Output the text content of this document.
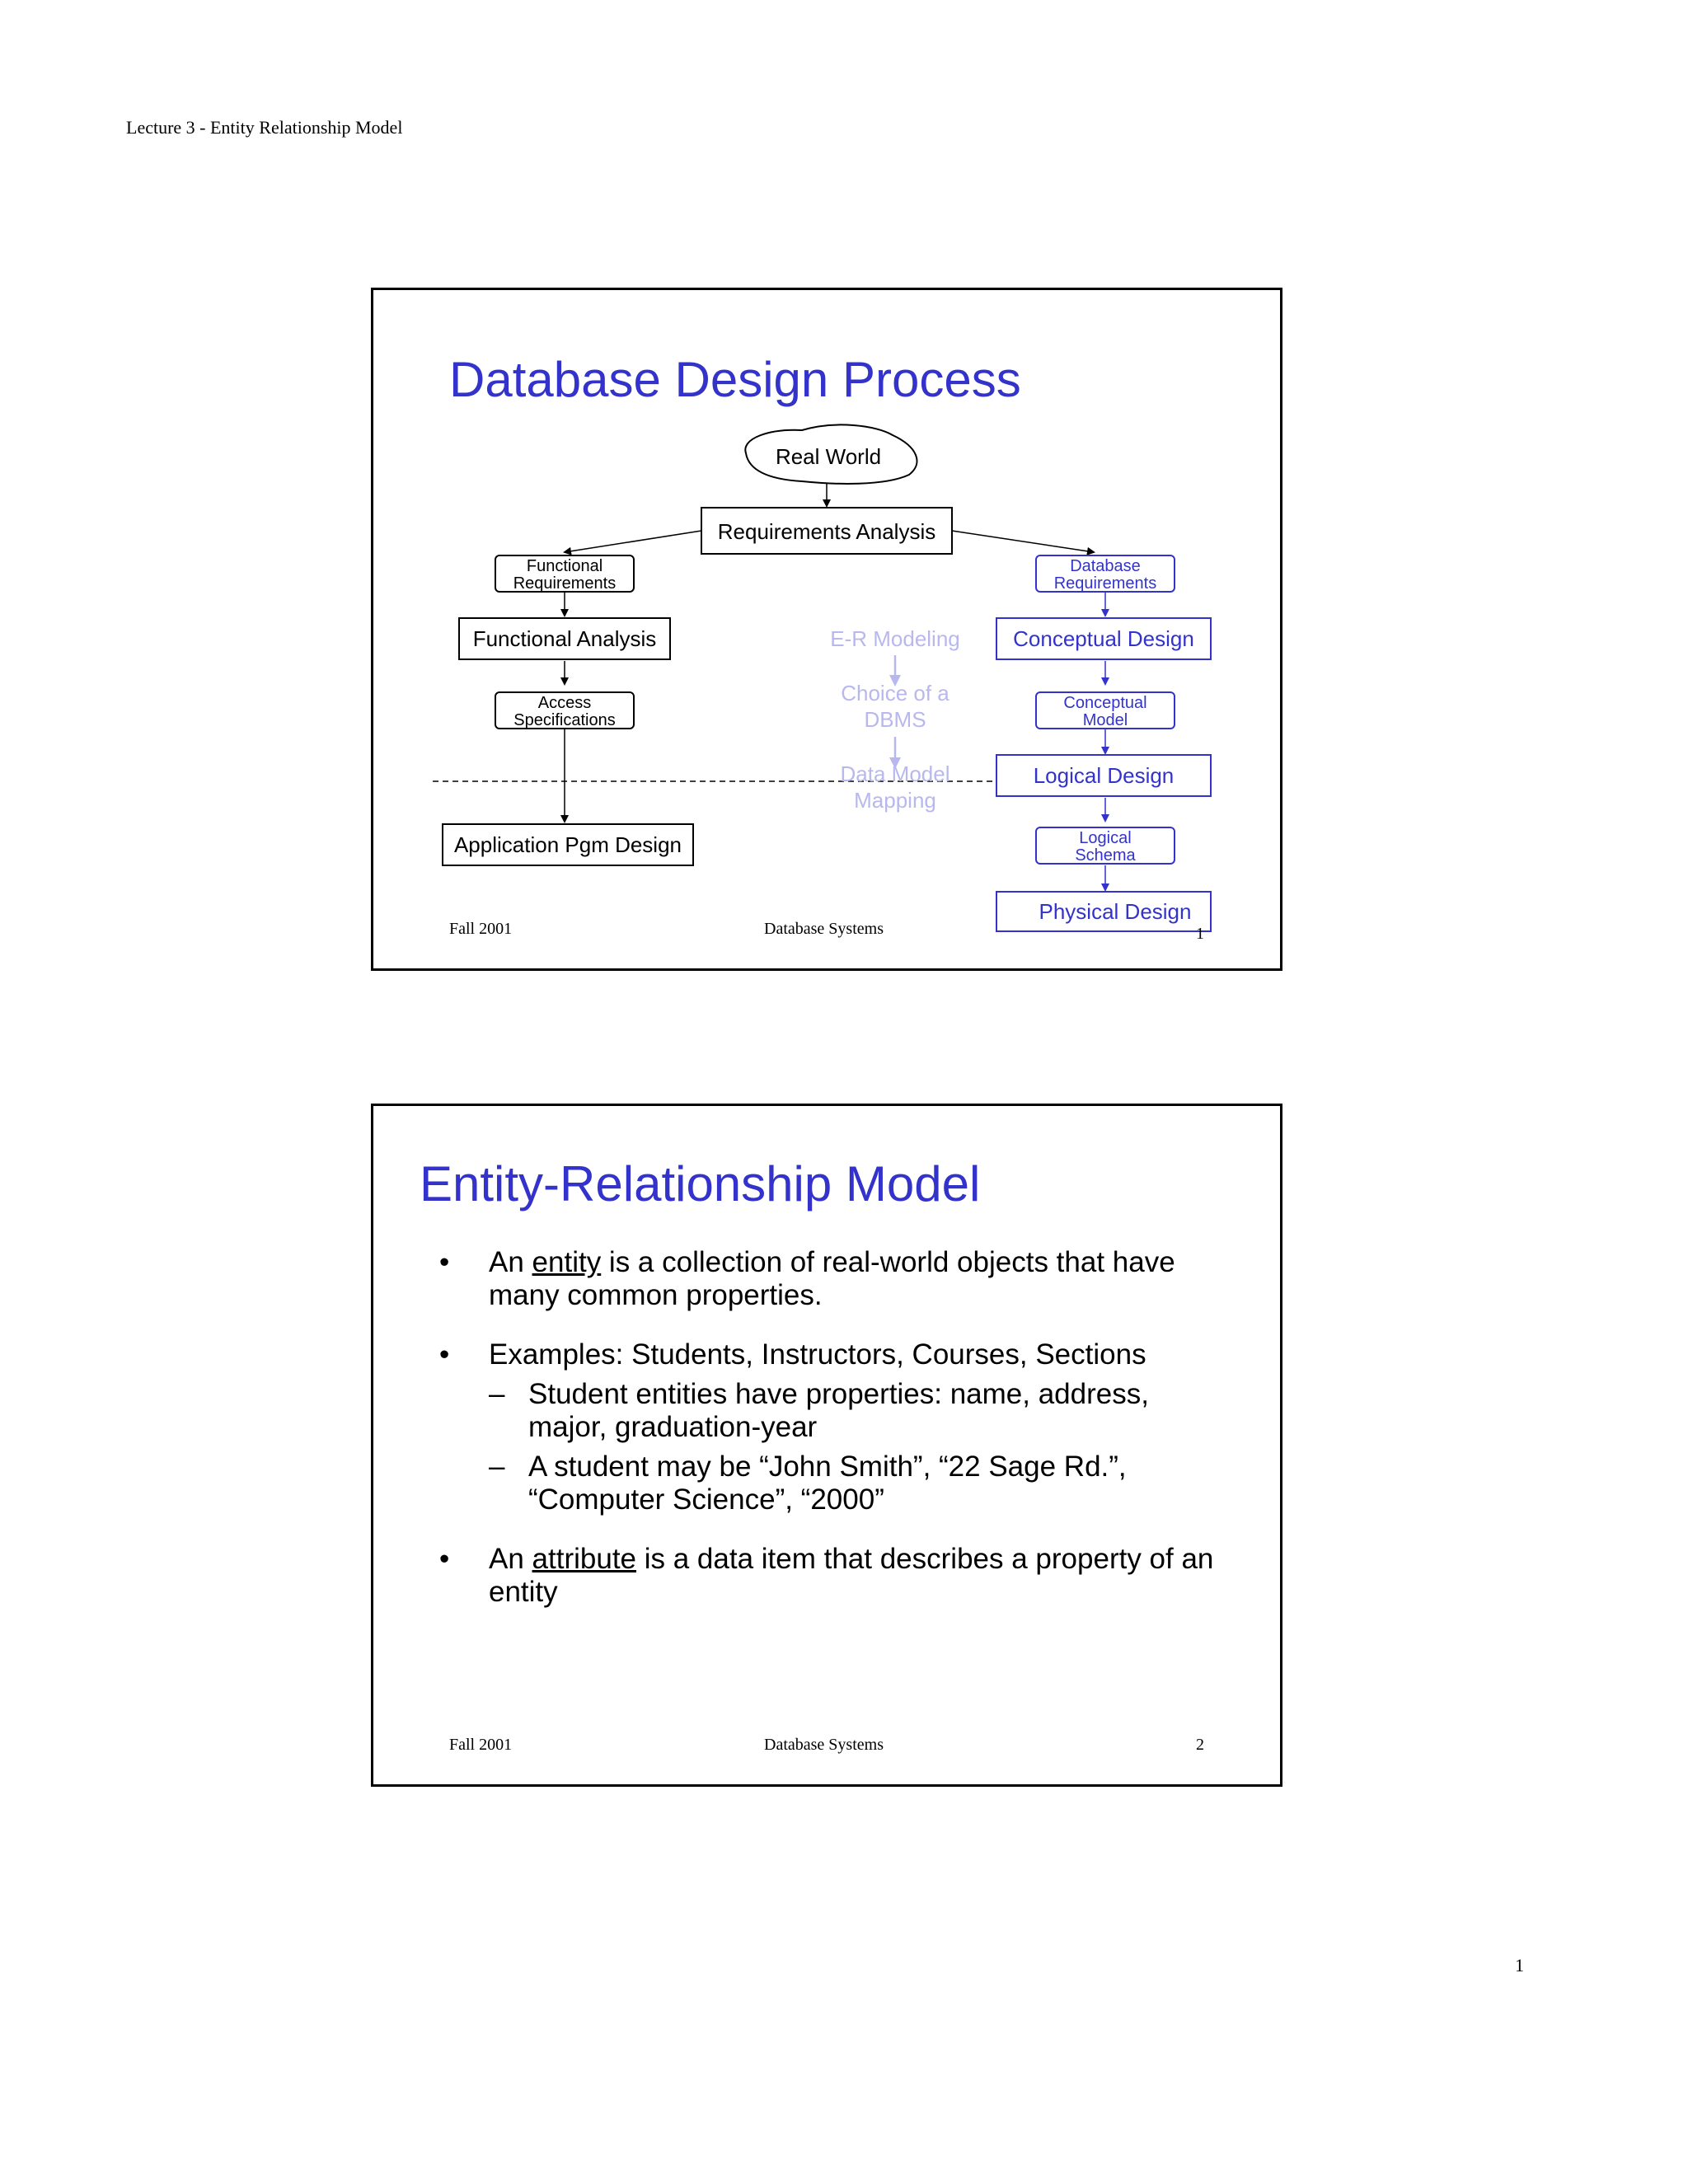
Lecture 3 - Entity Relationship Model
Database Design Process
Real World
Requirements Analysis
Functional
Requirements
Database
Requirements
Functional Analysis	Conceptual Design
E-R Modeling
Access
Specifications
Choice of a
DBMS
Conceptual
Model
Data Model
Mapping
Logical Design
Application Pgm Design	Logical
Schema
Physical Design
Fall 2001	Database Systems	1
Entity-Relationship Model
• An entity is a collection of real-world objects that have many common properties.
• Examples: Students, Instructors, Courses, Sections
– Student entities have properties: name, address, major, graduation-year
– A student may be “John Smith”, “22 Sage Rd.”, “Computer Science”, “2000”
• An attribute is a data item that describes a property of an entity
Fall 2001	Database Systems	2
1
